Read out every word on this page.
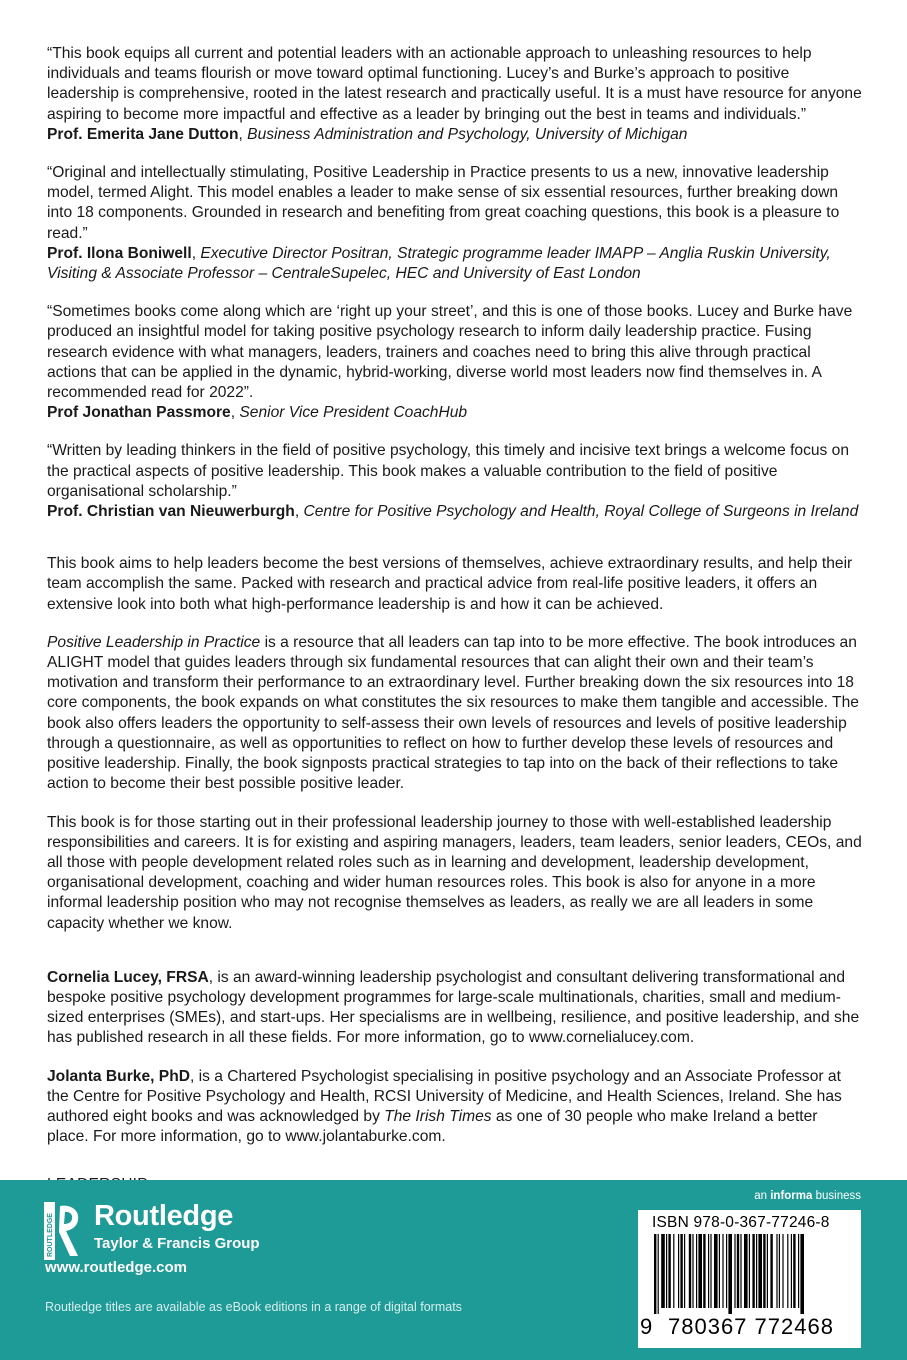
“This book equips all current and potential leaders with an actionable approach to unleashing resources to help individuals and teams flourish or move toward optimal functioning. Lucey’s and Burke’s approach to positive leadership is comprehensive, rooted in the latest research and practically useful. It is a must have resource for anyone aspiring to become more impactful and effective as a leader by bringing out the best in teams and individuals.”

Prof. Emerita Jane Dutton, Business Administration and Psychology, University of Michigan

“Original and intellectually stimulating, Positive Leadership in Practice presents to us a new, innovative leadership model, termed Alight. This model enables a leader to make sense of six essential resources, further breaking down into 18 components. Grounded in research and benefiting from great coaching questions, this book is a pleasure to read.”

Prof. Ilona Boniwell, Executive Director Positran, Strategic programme leader IMAPP – Anglia Ruskin University, Visiting & Associate Professor – CentraleSupelec, HEC and University of East London

“Sometimes books come along which are ‘right up your street’, and this is one of those books. Lucey and Burke have produced an insightful model for taking positive psychology research to inform daily leadership practice. Fusing research evidence with what managers, leaders, trainers and coaches need to bring this alive through practical actions that can be applied in the dynamic, hybrid-working, diverse world most leaders now find themselves in. A recommended read for 2022”.

Prof Jonathan Passmore, Senior Vice President CoachHub

“Written by leading thinkers in the field of positive psychology, this timely and incisive text brings a welcome focus on the practical aspects of positive leadership. This book makes a valuable contribution to the field of positive organisational scholarship.”

Prof. Christian van Nieuwerburgh, Centre for Positive Psychology and Health, Royal College of Surgeons in Ireland

This book aims to help leaders become the best versions of themselves, achieve extraordinary results, and help their team accomplish the same. Packed with research and practical advice from real-life positive leaders, it offers an extensive look into both what high-performance leadership is and how it can be achieved.

Positive Leadership in Practice is a resource that all leaders can tap into to be more effective. The book introduces an ALIGHT model that guides leaders through six fundamental resources that can alight their own and their team’s motivation and transform their performance to an extraordinary level. Further breaking down the six resources into 18 core components, the book expands on what constitutes the six resources to make them tangible and accessible. The book also offers leaders the opportunity to self-assess their own levels of resources and levels of positive leadership through a questionnaire, as well as opportunities to reflect on how to further develop these levels of resources and positive leadership. Finally, the book signposts practical strategies to tap into on the back of their reflections to take action to become their best possible positive leader.

This book is for those starting out in their professional leadership journey to those with well-established leadership responsibilities and careers. It is for existing and aspiring managers, leaders, team leaders, senior leaders, CEOs, and all those with people development related roles such as in learning and development, leadership development, organisational development, coaching and wider human resources roles. This book is also for anyone in a more informal leadership position who may not recognise themselves as leaders, as really we are all leaders in some capacity whether we know.

Cornelia Lucey, FRSA, is an award-winning leadership psychologist and consultant delivering transformational and bespoke positive psychology development programmes for large-scale multinationals, charities, small and medium-sized enterprises (SMEs), and start-ups. Her specialisms are in wellbeing, resilience, and positive leadership, and she has published research in all these fields. For more information, go to www.cornelialucey.com.

Jolanta Burke, PhD, is a Chartered Psychologist specialising in positive psychology and an Associate Professor at the Centre for Positive Psychology and Health, RCSI University of Medicine, and Health Sciences, Ireland. She has authored eight books and was acknowledged by The Irish Times as one of 30 people who make Ireland a better place. For more information, go to www.jolantaburke.com.

ROUTLEDGE Routledge
Taylor & Francis Group
www.routledge.com
Routledge titles are available as eBook editions in a range of digital formats
an informa business
ISBN 978-0-367-77246-8
9 780367 772468
